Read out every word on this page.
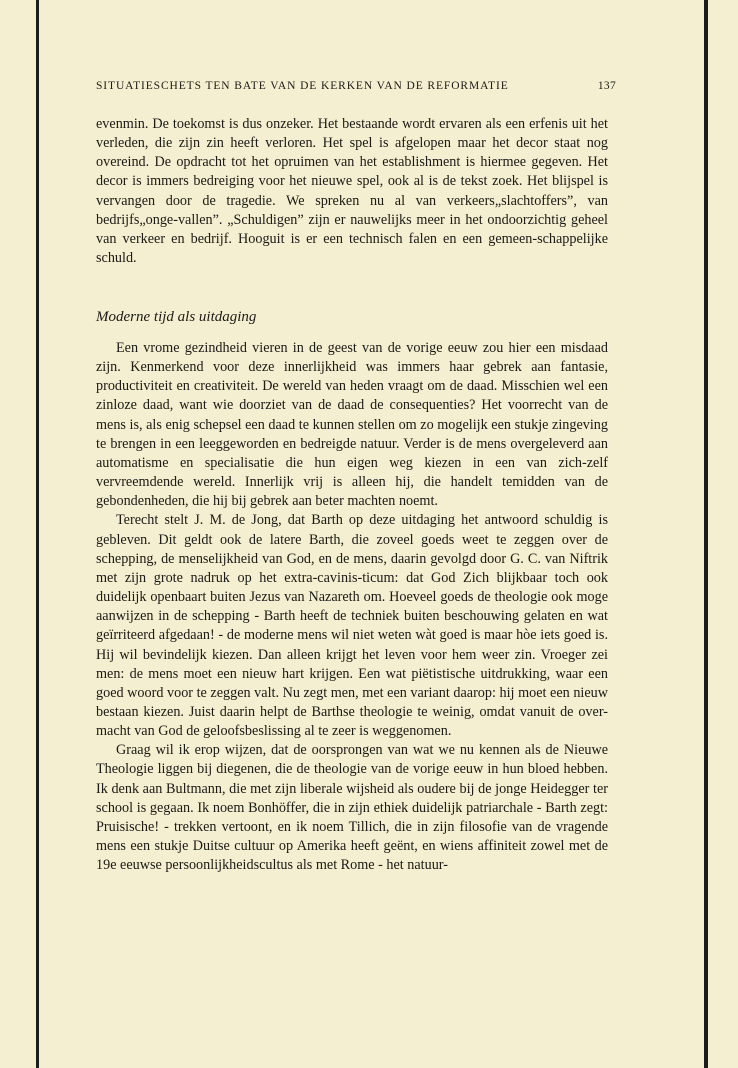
SITUATIESCHETS TEN BATE VAN DE KERKEN VAN DE REFORMATIE	137

evenmin. De toekomst is dus onzeker. Het bestaande wordt ervaren als een erfenis uit het verleden, die zijn zin heeft verloren. Het spel is afgelopen maar het decor staat nog overeind. De opdracht tot het opruimen van het establishment is hiermee gegeven. Het decor is immers bedreiging voor het nieuwe spel, ook al is de tekst zoek. Het blijspel is vervangen door de tragedie. We spreken nu al van verkeers„slachtoffers”, van bedrijfs„onge-vallen”. „Schuldigen” zijn er nauwelijks meer in het ondoorzichtig geheel van verkeer en bedrijf. Hooguit is er een technisch falen en een gemeen-schappelijke schuld.

Moderne tijd als uitdaging

Een vrome gezindheid vieren in de geest van de vorige eeuw zou hier een misdaad zijn. Kenmerkend voor deze innerlijkheid was immers haar gebrek aan fantasie, productiviteit en creativiteit. De wereld van heden vraagt om de daad. Misschien wel een zinloze daad, want wie doorziet van de daad de consequenties? Het voorrecht van de mens is, als enig schepsel een daad te kunnen stellen om zo mogelijk een stukje zingeving te brengen in een leeggeworden en bedreigde natuur. Verder is de mens overgeleverd aan automatisme en specialisatie die hun eigen weg kiezen in een van zich-zelf vervreemdende wereld. Innerlijk vrij is alleen hij, die handelt temidden van de gebondenheden, die hij bij gebrek aan beter machten noemt.

Terecht stelt J. M. de Jong, dat Barth op deze uitdaging het antwoord schuldig is gebleven. Dit geldt ook de latere Barth, die zoveel goeds weet te zeggen over de schepping, de menselijkheid van God, en de mens, daarin gevolgd door G. C. van Niftrik met zijn grote nadruk op het extra-cavinis-ticum: dat God Zich blijkbaar toch ook duidelijk openbaart buiten Jezus van Nazareth om. Hoeveel goeds de theologie ook moge aanwijzen in de schepping - Barth heeft de techniek buiten beschouwing gelaten en wat geïrriteerd afgedaan! - de moderne mens wil niet weten wàt goed is maar hòe iets goed is. Hij wil bevindelijk kiezen. Dan alleen krijgt het leven voor hem weer zin. Vroeger zei men: de mens moet een nieuw hart krijgen. Een wat piëtistische uitdrukking, waar een goed woord voor te zeggen valt. Nu zegt men, met een variant daarop: hij moet een nieuw bestaan kiezen. Juist daarin helpt de Barthse theologie te weinig, omdat vanuit de over-macht van God de geloofsbeslissing al te zeer is weggenomen.

Graag wil ik erop wijzen, dat de oorsprongen van wat we nu kennen als de Nieuwe Theologie liggen bij diegenen, die de theologie van de vorige eeuw in hun bloed hebben. Ik denk aan Bultmann, die met zijn liberale wijsheid als oudere bij de jonge Heidegger ter school is gegaan. Ik noem Bonhöffer, die in zijn ethiek duidelijk patriarchale - Barth zegt: Pruisische! - trekken vertoont, en ik noem Tillich, die in zijn filosofie van de vragende mens een stukje Duitse cultuur op Amerika heeft geënt, en wiens affiniteit zowel met de 19e eeuwse persoonlijkheidscultus als met Rome - het natuur-
